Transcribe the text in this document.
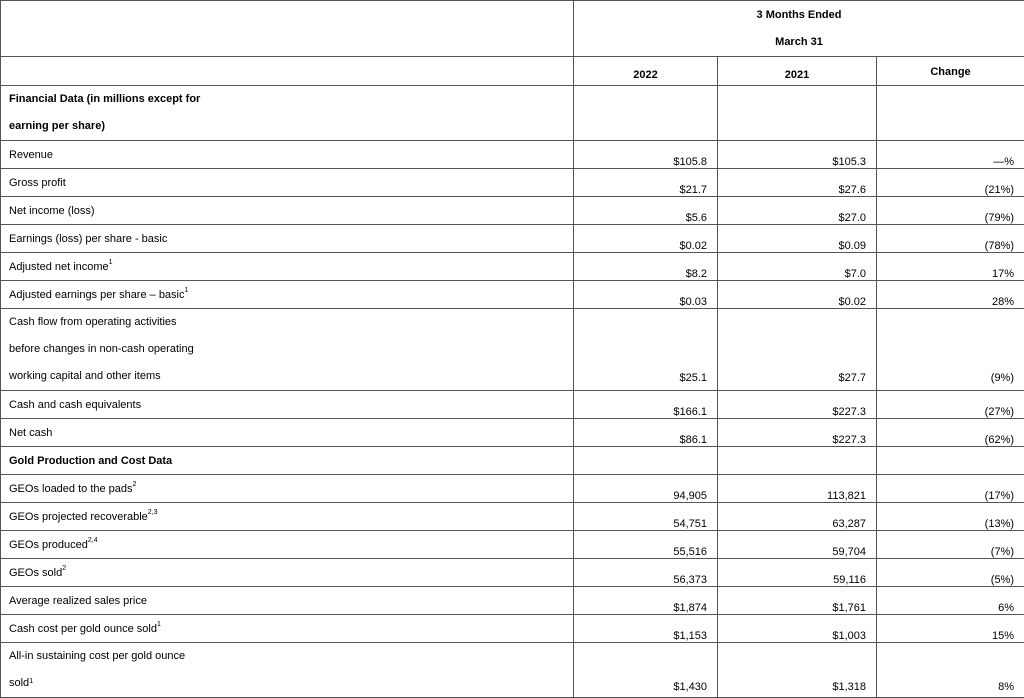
	3 Months Ended
March 31		

	2022	2021	Change

Financial Data (in millions except for
earning per share)			

Revenue	$105.8	$105.3	—%
Gross profit	$21.7	$27.6	(21%)
Net income (loss)	$5.6	$27.0	(79%)
Earnings (loss) per share - basic	$0.02	$0.09	(78%)
Adjusted net income$^1$	$8.2	$7.0	17%
Adjusted earnings per share – basic$^1$	$0.03	$0.02	28%

Cash flow from operating activities
before changes in non-cash operating
working capital and other items	$25.1	$27.7	(9%)
Cash and cash equivalents	$166.1	$227.3	(27%)
Net cash	$86.1	$227.3	(62%)
Gold Production and Cost Data			
GEOs loaded to the pads$^2$	94,905	113,821	(17%)
GEOs projected recoverable$^{2,3}$	54,751	63,287	(13%)
GEOs produced$^{2,4}$	55,516	59,704	(7%)
GEOs sold$^2$	56,373	59,116	(5%)
Average realized sales price	$1,874	$1,761	6%
Cash cost per gold ounce sold$^1$	$1,153	$1,003	15%

All-in sustaining cost per gold ounce
sold$^1$	$1,430	$1,318	8%
